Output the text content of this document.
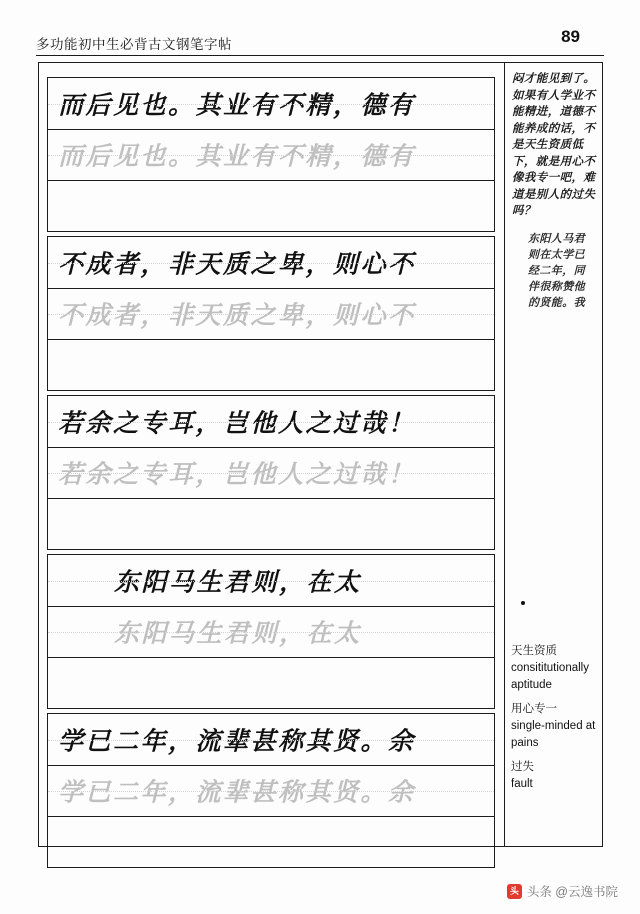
多功能初中生必背古文钢笔字帖	89
而后见也。其业有不精，德有
而后见也。其业有不精，德有
不成者，非天质之卑，则心不
不成者，非天质之卑，则心不
若余之专耳，岂他人之过哉！
若余之专耳，岂他人之过哉！
东阳马生君则，在太
东阳马生君则，在太
学已二年，流辈甚称其贤。余
学已二年，流辈甚称其贤。余
闷才能见到了。如果有人学业不能精进，道德不能养成的话，不是天生资质低下，就是用心不像我专一吧，难道是别人的过失吗？
东阳人马君则在太学已经二年，同伴很称赞他的贤能。我
天生资质
consititutionally aptitude
用心专一
single-minded at pains
过失
fault
头 头条 @云逸书院
